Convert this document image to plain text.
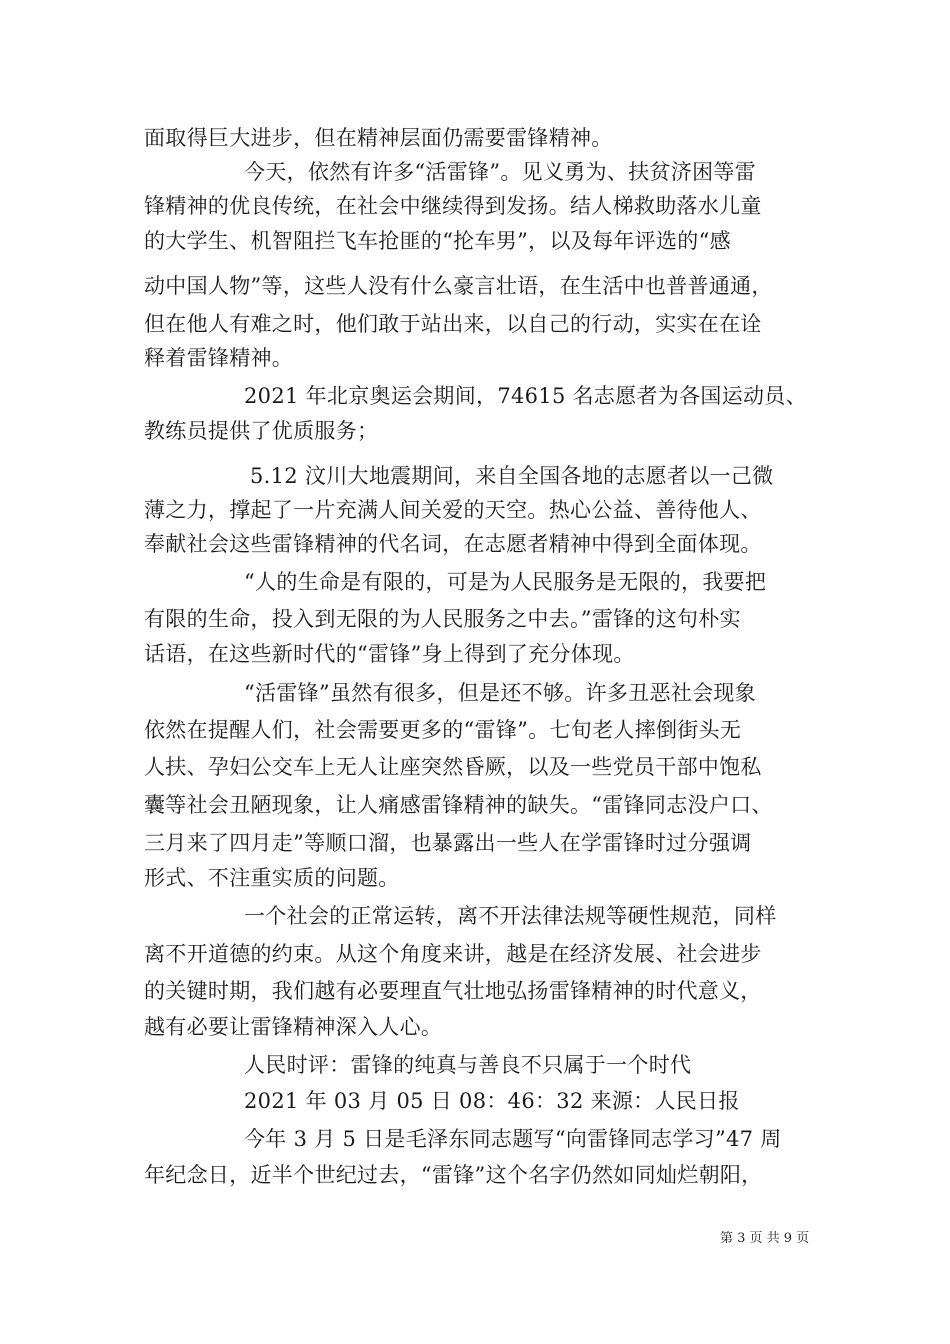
面取得巨大进步，但在精神层面仍需要雷锋精神。

今天，依然有许多“活雷锋”。见义勇为、扶贫济困等雷

锋精神的优良传统，在社会中继续得到发扬。结人梯救助落水儿童

的大学生、机智阻拦飞车抢匪的“抡车男”，以及每年评选的“感

动中国人物”等，这些人没有什么豪言壮语，在生活中也普普通通，

但在他人有难之时，他们敢于站出来，以自己的行动，实实在在诠

释着雷锋精神。

2021 年北京奥运会期间，74615 名志愿者为各国运动员、

教练员提供了优质服务；

5.12 汶川大地震期间，来自全国各地的志愿者以一己微

薄之力，撑起了一片充满人间关爱的天空。热心公益、善待他人、

奉献社会这些雷锋精神的代名词，在志愿者精神中得到全面体现。

“人的生命是有限的，可是为人民服务是无限的，我要把

有限的生命，投入到无限的为人民服务之中去。”雷锋的这句朴实

话语，在这些新时代的“雷锋”身上得到了充分体现。

“活雷锋”虽然有很多，但是还不够。许多丑恶社会现象

依然在提醒人们，社会需要更多的“雷锋”。七旬老人摔倒街头无

人扶、孕妇公交车上无人让座突然昏厥，以及一些党员干部中饱私

囊等社会丑陋现象，让人痛感雷锋精神的缺失。“雷锋同志没户口、

三月来了四月走”等顺口溜，也暴露出一些人在学雷锋时过分强调

形式、不注重实质的问题。

一个社会的正常运转，离不开法律法规等硬性规范，同样

离不开道德的约束。从这个角度来讲，越是在经济发展、社会进步

的关键时期，我们越有必要理直气壮地弘扬雷锋精神的时代意义，

越有必要让雷锋精神深入人心。

人民时评：雷锋的纯真与善良不只属于一个时代

2021 年 03 月 05 日 08：46：32 来源：人民日报

今年 3 月 5 日是毛泽东同志题写“向雷锋同志学习”47 周

年纪念日，近半个世纪过去，“雷锋”这个名字仍然如同灿烂朝阳，

第 3 页 共 9 页
